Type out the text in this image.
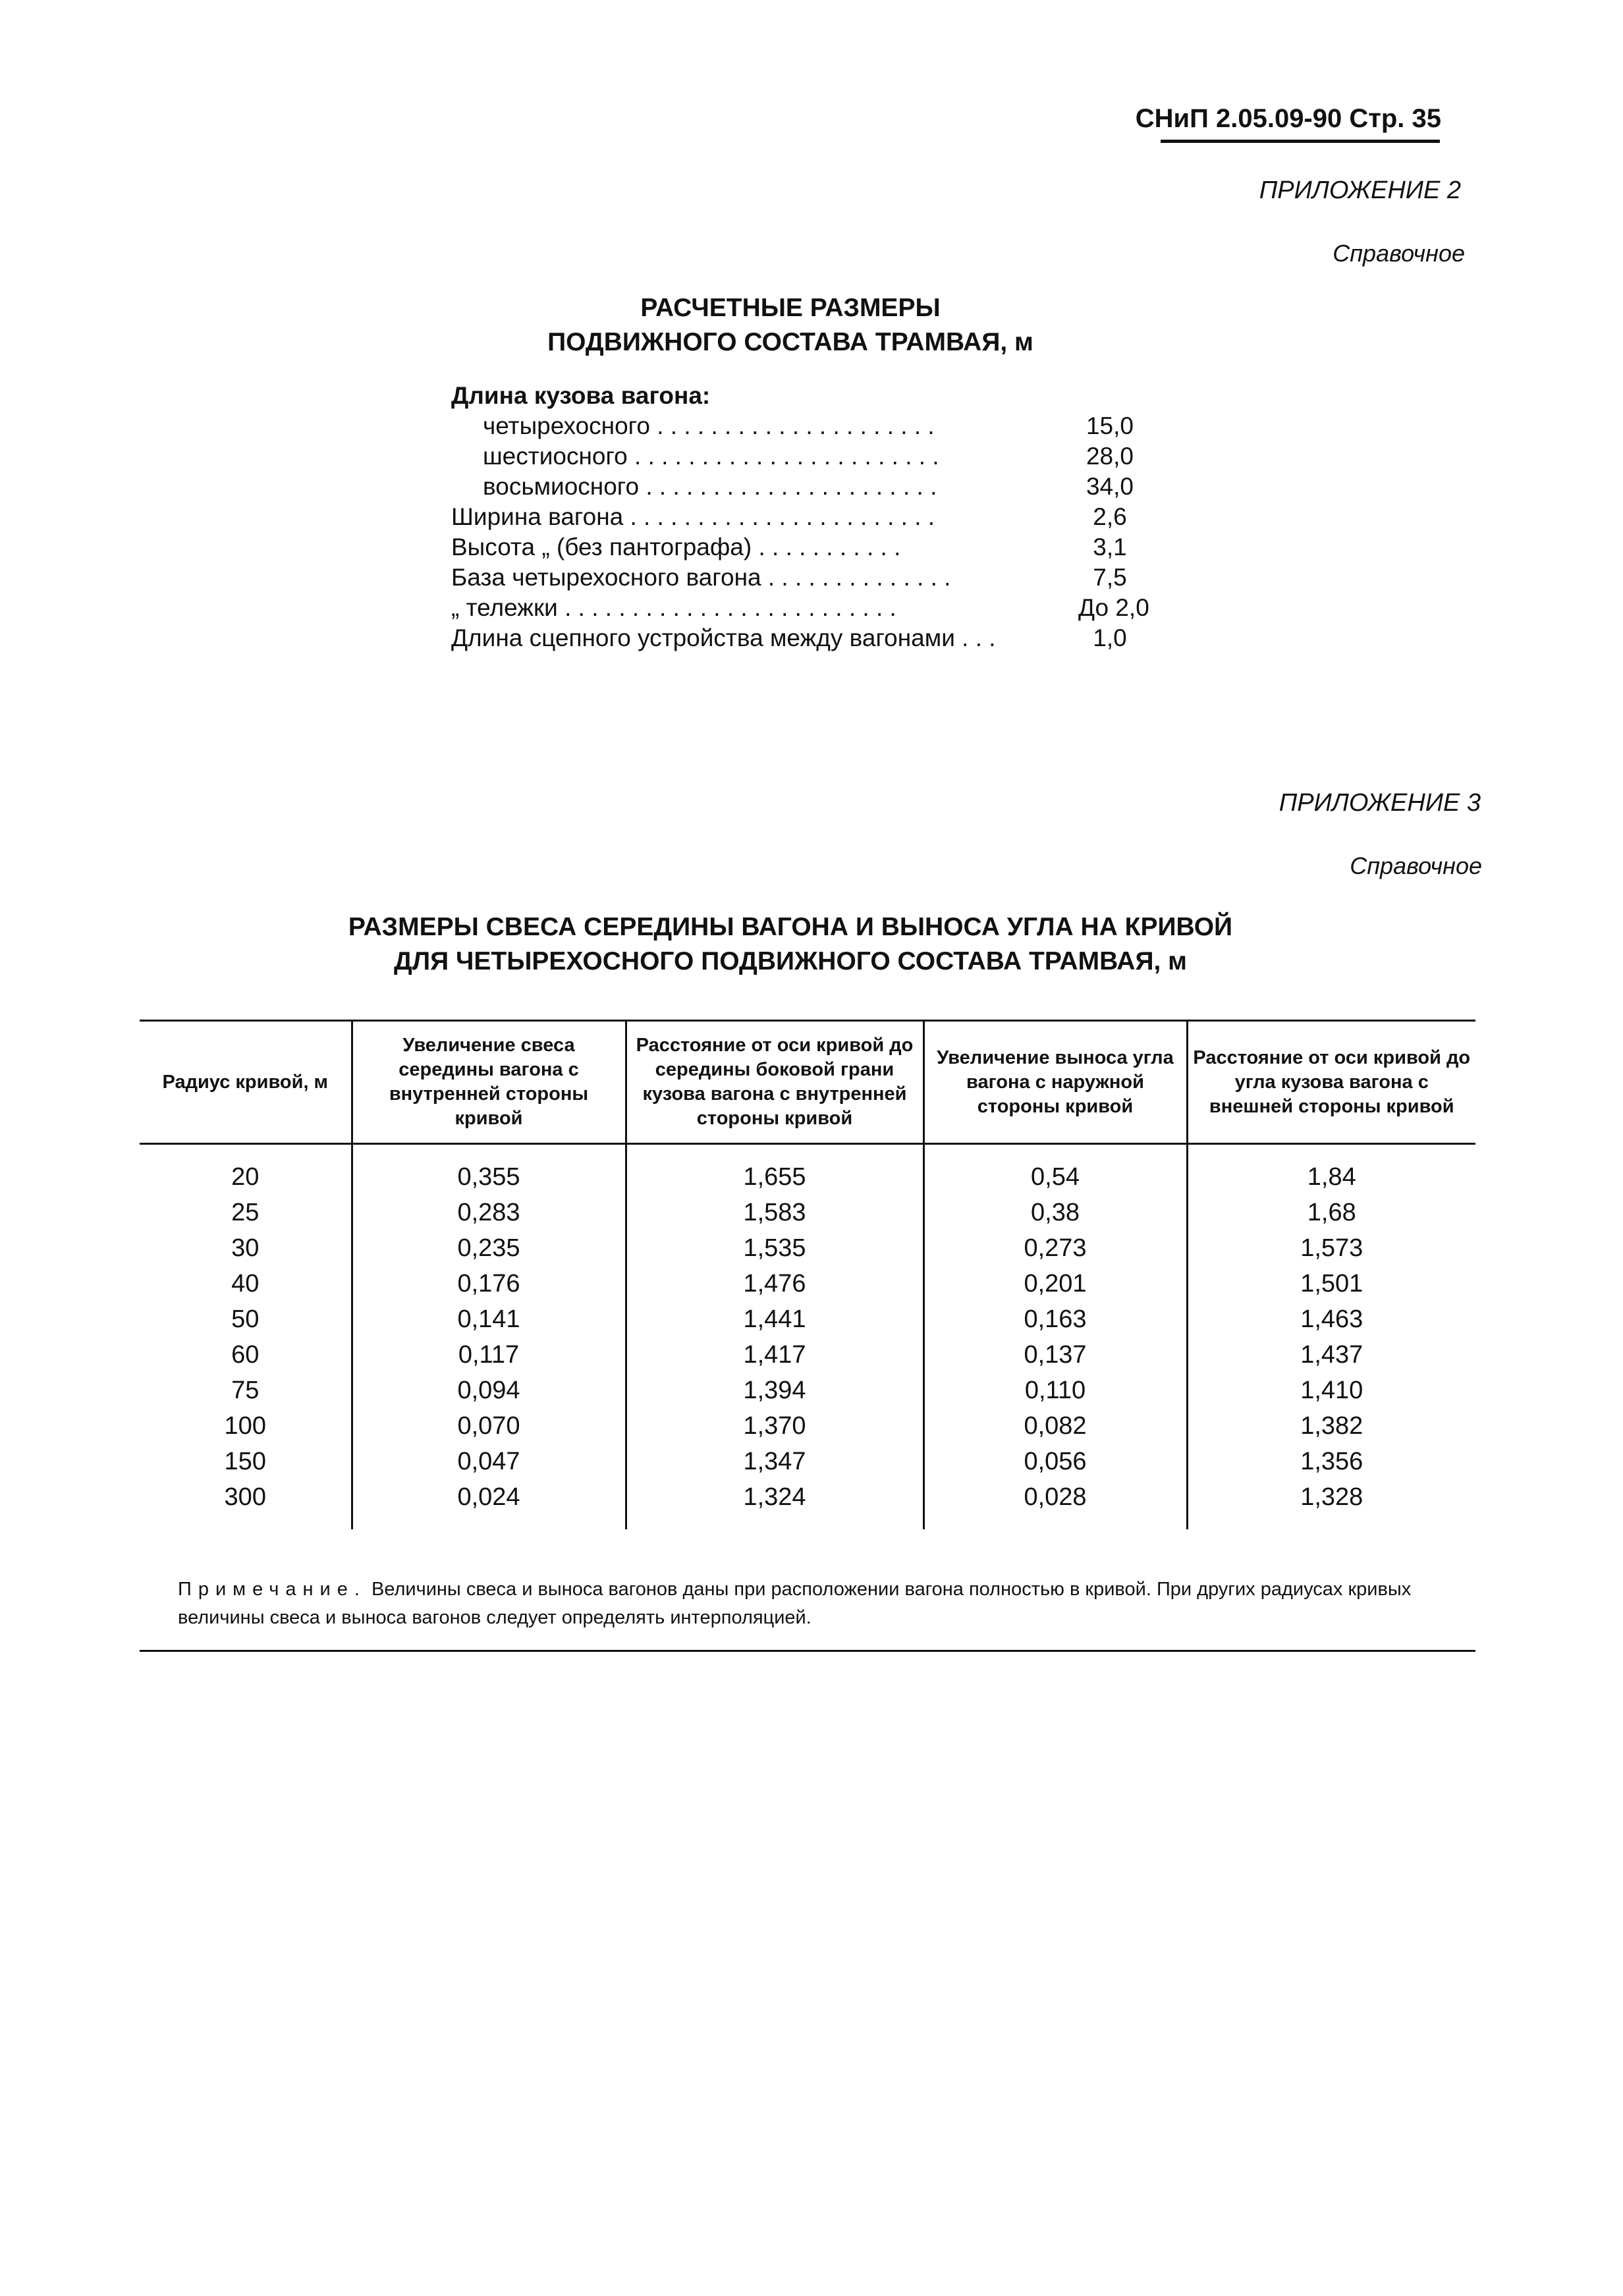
СНиП 2.05.09-90 Стр. 35
ПРИЛОЖЕНИЕ 2
Справочное
РАСЧЕТНЫЕ РАЗМЕРЫ
ПОДВИЖНОГО СОСТАВА ТРАМВАЯ, м
Длина кузова вагона:
четырехосного . . . . . . . . . . . . . . . . . . . . .	15,0
шестиосного . . . . . . . . . . . . . . . . . . . . . . .	28,0
восьмиосного . . . . . . . . . . . . . . . . . . . . . .	34,0
Ширина вагона . . . . . . . . . . . . . . . . . . . . . . .	2,6
Высота „ (без пантографа) . . . . . . . . . . .	3,1
База четырехосного вагона . . . . . . . . . . . . . .	7,5
„ тележки . . . . . . . . . . . . . . . . . . . . . . . . .	До 2,0
Длина сцепного устройства между вагонами . . .	1,0
ПРИЛОЖЕНИЕ 3
Справочное
РАЗМЕРЫ СВЕСА СЕРЕДИНЫ ВАГОНА И ВЫНОСА УГЛА НА КРИВОЙ
ДЛЯ ЧЕТЫРЕХОСНОГО ПОДВИЖНОГО СОСТАВА ТРАМВАЯ, м
Радиус кривой, м	Увеличение свеса середины вагона с внутренней стороны кривой	Расстояние от оси кривой до середины боковой грани кузова вагона с внутренней стороны кривой	Увеличение выноса угла вагона с наружной стороны кривой	Расстояние от оси кривой до угла кузова вагона с внешней стороны кривой
20	0,355	1,655	0,54	1,84
25	0,283	1,583	0,38	1,68
30	0,235	1,535	0,273	1,573
40	0,176	1,476	0,201	1,501
50	0,141	1,441	0,163	1,463
60	0,117	1,417	0,137	1,437
75	0,094	1,394	0,110	1,410
100	0,070	1,370	0,082	1,382
150	0,047	1,347	0,056	1,356
300	0,024	1,324	0,028	1,328
Примечание. Величины свеса и выноса вагонов даны при расположении вагона полностью в кривой. При других радиусах кривых величины свеса и выноса вагонов следует определять интерполяцией.
